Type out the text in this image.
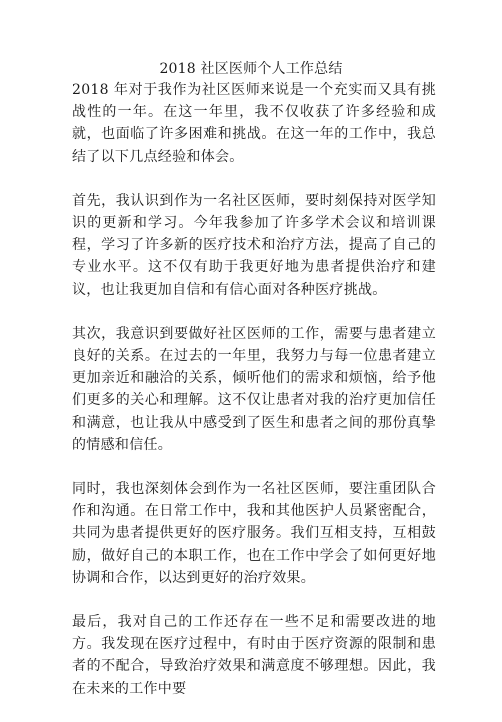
2018 社区医师个人工作总结

2018 年对于我作为社区医师来说是一个充实而又具有挑战性的一年。在这一年里，我不仅收获了许多经验和成就，也面临了许多困难和挑战。在这一年的工作中，我总结了以下几点经验和体会。

首先，我认识到作为一名社区医师，要时刻保持对医学知识的更新和学习。今年我参加了许多学术会议和培训课程，学习了许多新的医疗技术和治疗方法，提高了自己的专业水平。这不仅有助于我更好地为患者提供治疗和建议，也让我更加自信和有信心面对各种医疗挑战。

其次，我意识到要做好社区医师的工作，需要与患者建立良好的关系。在过去的一年里，我努力与每一位患者建立更加亲近和融洽的关系，倾听他们的需求和烦恼，给予他们更多的关心和理解。这不仅让患者对我的治疗更加信任和满意，也让我从中感受到了医生和患者之间的那份真挚的情感和信任。

同时，我也深刻体会到作为一名社区医师，要注重团队合作和沟通。在日常工作中，我和其他医护人员紧密配合，共同为患者提供更好的医疗服务。我们互相支持，互相鼓励，做好自己的本职工作，也在工作中学会了如何更好地协调和合作，以达到更好的治疗效果。

最后，我对自己的工作还存在一些不足和需要改进的地方。我发现在医疗过程中，有时由于医疗资源的限制和患者的不配合，导致治疗效果和满意度不够理想。因此，我在未来的工作中要
